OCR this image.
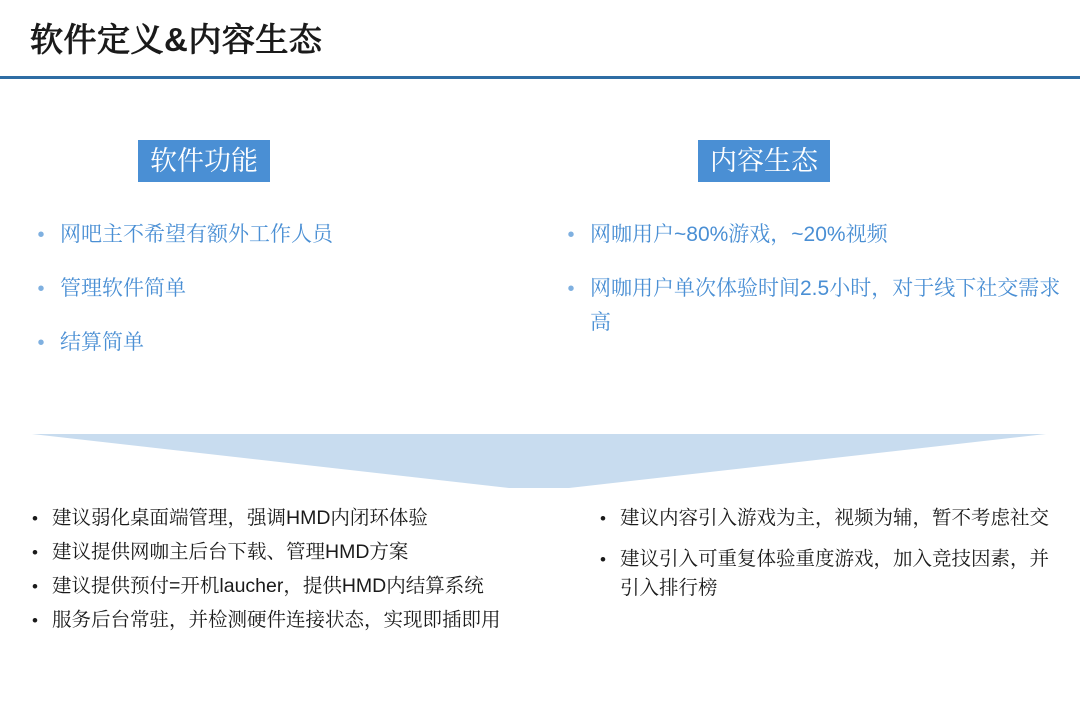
软件定义&内容生态
软件功能	内容生态
• 网吧主不希望有额外工作人员
• 管理软件简单
• 结算简单
• 网咖用户~80%游戏，~20%视频
• 网咖用户单次体验时间2.5小时，对于线下社交需求高
• 建议弱化桌面端管理，强调HMD内闭环体验
• 建议提供网咖主后台下载、管理HMD方案
• 建议提供预付=开机laucher，提供HMD内结算系统
• 服务后台常驻，并检测硬件连接状态，实现即插即用
• 建议内容引入游戏为主，视频为辅，暂不考虑社交
• 建议引入可重复体验重度游戏，加入竞技因素，并引入排行榜
